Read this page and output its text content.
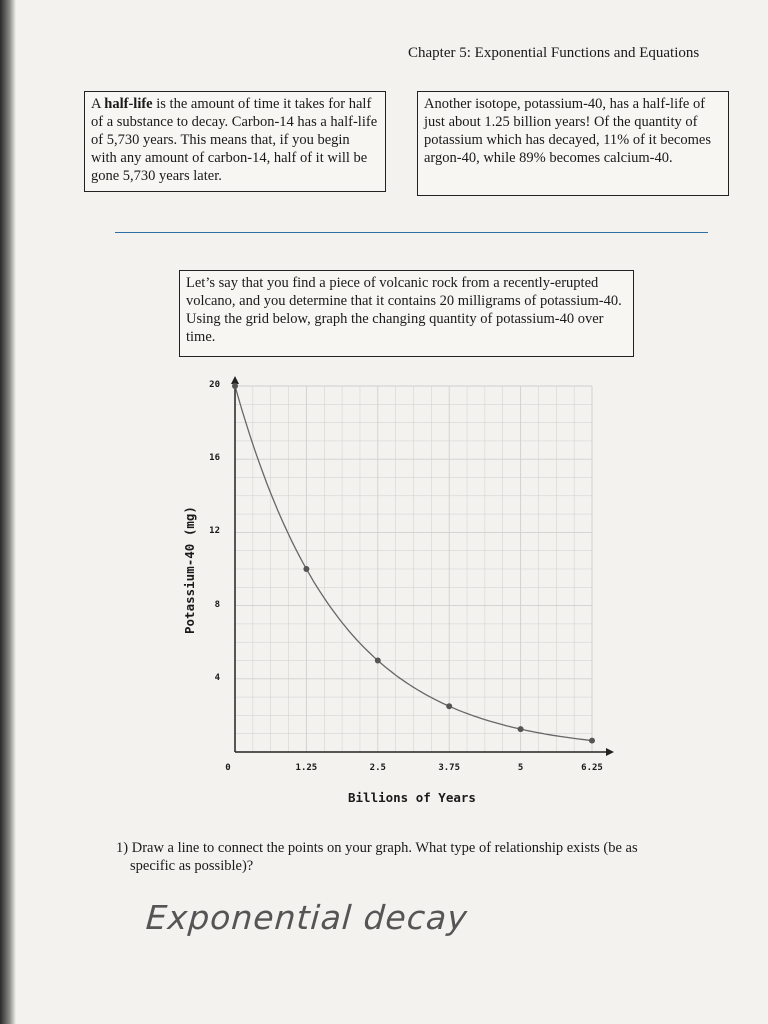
Chapter 5: Exponential Functions and Equations
A half-life is the amount of time it takes for half of a substance to decay. Carbon-14 has a half-life of 5,730 years. This means that, if you begin with any amount of carbon-14, half of it will be gone 5,730 years later.
Another isotope, potassium-40, has a half-life of just about 1.25 billion years! Of the quantity of potassium which has decayed, 11% of it becomes argon-40, while 89% becomes calcium-40.
Let’s say that you find a piece of volcanic rock from a recently-erupted volcano, and you determine that it contains 20 milligrams of potassium-40. Using the grid below, graph the changing quantity of potassium-40 over time.
Potassium-40 (mg)
Billions of Years
1) Draw a line to connect the points on your graph. What type of relationship exists (be as
specific as possible)?
Exponential decay
0	1.25	2.5	3.75	5	6.25
4
8
12
16
20
